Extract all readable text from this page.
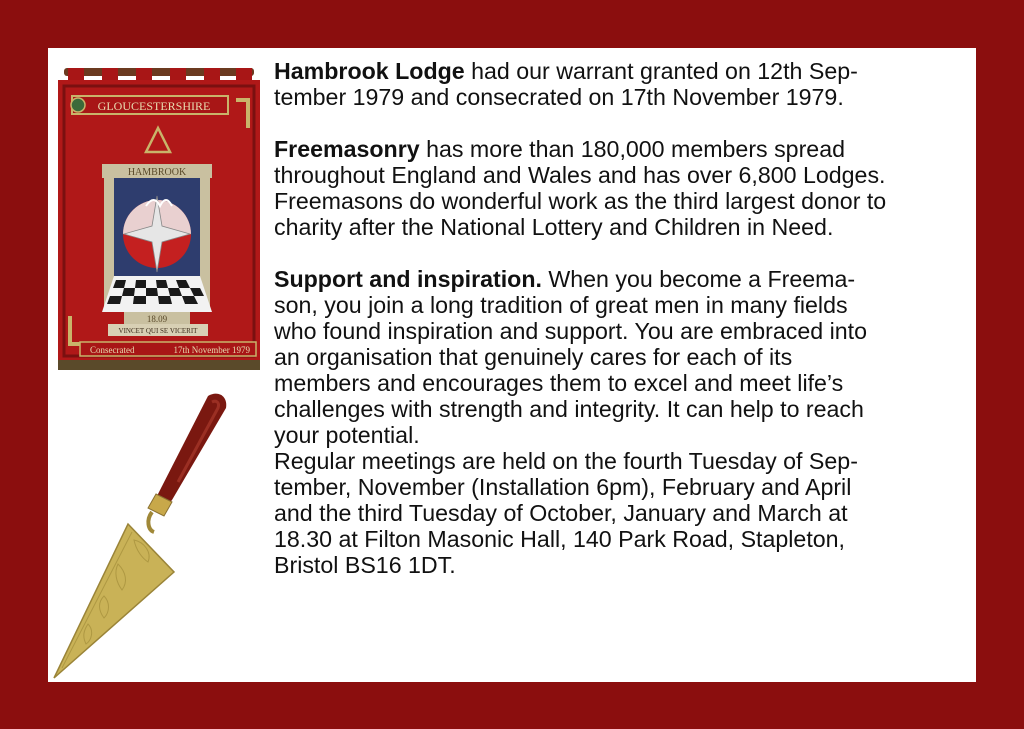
GLOUCESTERSHIRE
HAMBROOK
18.09
VINCET QUI SE VICERIT
Consecrated	17th November 1979

Hambrook Lodge had our warrant granted on 12th Sep-
tember 1979 and consecrated on 17th November 1979.

Freemasonry has more than 180,000 members spread
throughout England and Wales and has over 6,800 Lodges.
Freemasons do wonderful work as the third largest donor to
charity after the National Lottery and Children in Need.

Support and inspiration. When you become a Freema-
son, you join a long tradition of great men in many fields
who found inspiration and support. You are embraced into
an organisation that genuinely cares for each of its
members and encourages them to excel and meet life’s
challenges with strength and integrity. It can help to reach
your potential.

Regular meetings are held on the fourth Tuesday of Sep-
tember, November (Installation 6pm), February and April
and the third Tuesday of October, January and March at
18.30 at Filton Masonic Hall, 140 Park Road, Stapleton,
Bristol BS16 1DT.
